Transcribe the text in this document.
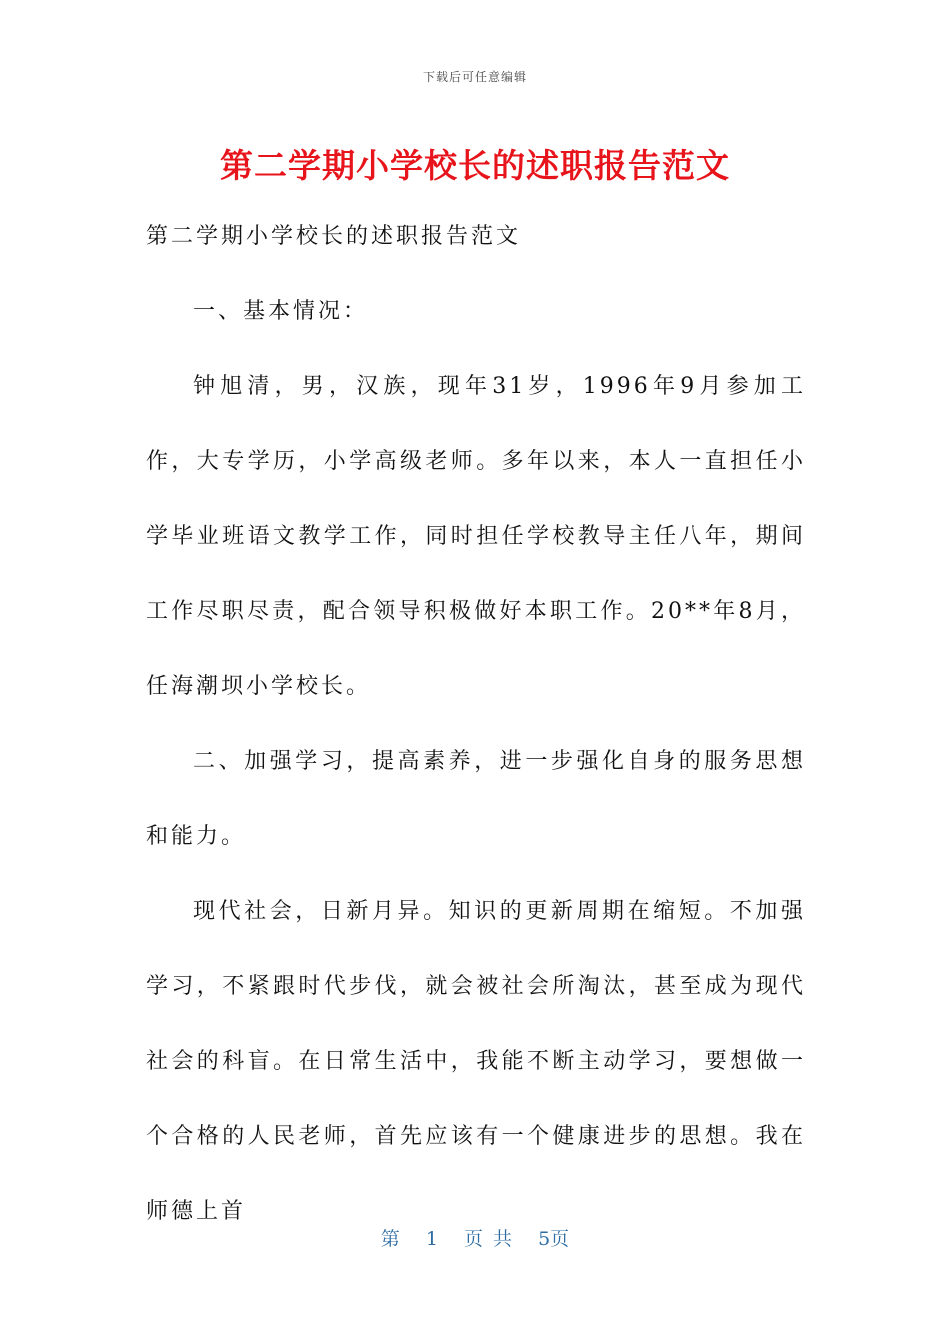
下载后可任意编辑
第二学期小学校长的述职报告范文

第二学期小学校长的述职报告范文

一、基本情况：

钟旭清，男，汉族，现年31岁，1996年9月参加工作，大专学历，小学高级老师。多年以来，本人一直担任小学毕业班语文教学工作，同时担任学校教导主任八年，期间工作尽职尽责，配合领导积极做好本职工作。20**年8月，任海潮坝小学校长。

二、加强学习，提高素养，进一步强化自身的服务思想和能力。

现代社会，日新月异。知识的更新周期在缩短。不加强学习，不紧跟时代步伐，就会被社会所淘汰，甚至成为现代社会的科盲。在日常生活中，我能不断主动学习，要想做一个合格的人民老师，首先应该有一个健康进步的思想。我在师德上首

第 1 页 共 5页
